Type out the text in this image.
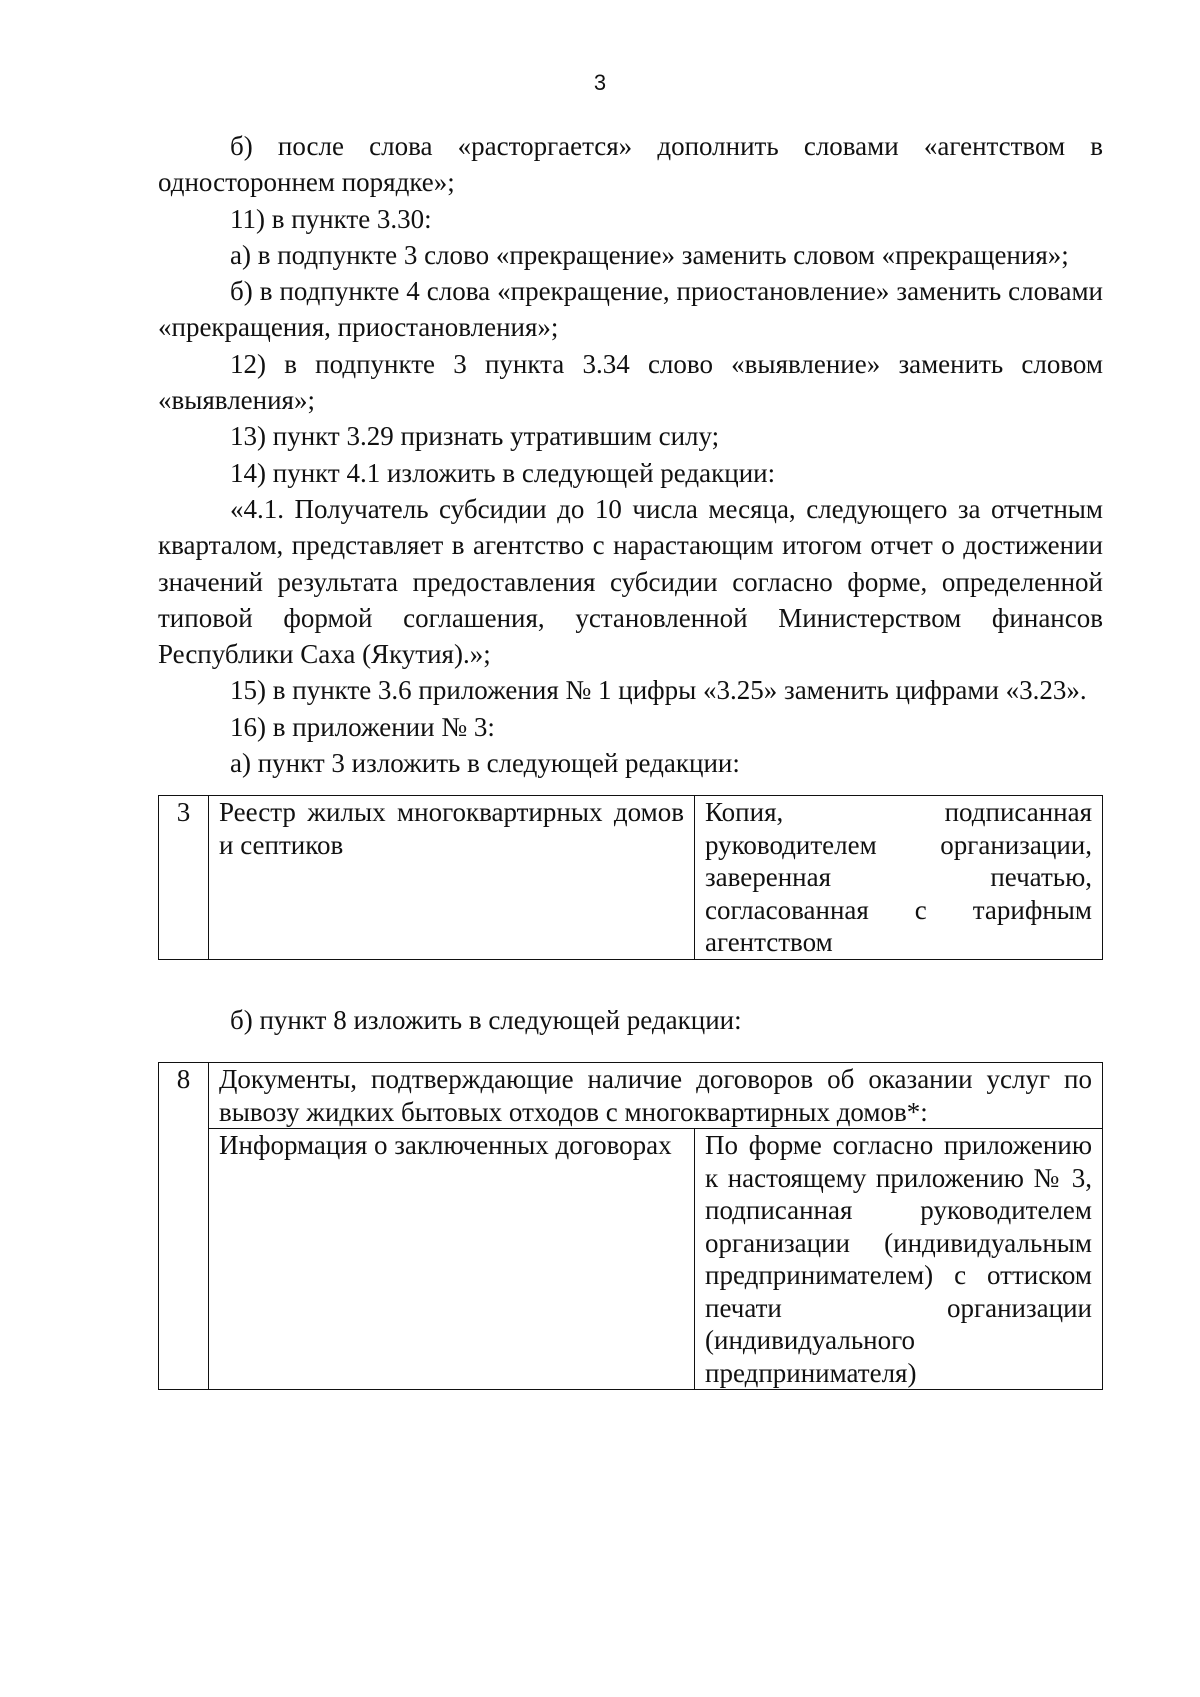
3

б) после слова «расторгается» дополнить словами «агентством в одностороннем порядке»;

11) в пункте 3.30:

а) в подпункте 3 слово «прекращение» заменить словом «прекращения»;

б) в подпункте 4 слова «прекращение, приостановление» заменить словами «прекращения, приостановления»;

12) в подпункте 3 пункта 3.34 слово «выявление» заменить словом «выявления»;

13) пункт 3.29 признать утратившим силу;

14) пункт 4.1 изложить в следующей редакции:

«4.1. Получатель субсидии до 10 числа месяца, следующего за отчетным кварталом, представляет в агентство с нарастающим итогом отчет о достижении значений результата предоставления субсидии согласно форме, определенной типовой формой соглашения, установленной Министерством финансов Республики Саха (Якутия).»;

15) в пункте 3.6 приложения № 1 цифры «3.25» заменить цифрами «3.23».

16) в приложении № 3:

а) пункт 3 изложить в следующей редакции:

3	Реестр жилых многоквартирных домов и септиков	Копия, подписанная руководителем организации, заверенная печатью, согласованная с тарифным агентством

б) пункт 8 изложить в следующей редакции:

8	Документы, подтверждающие наличие договоров об оказании услуг по вывозу жидких бытовых отходов с многоквартирных домов*:	
	Информация о заключенных договорах	По форме согласно приложению к настоящему приложению № 3, подписанная руководителем организации (индивидуальным предпринимателем) с оттиском печати организации (индивидуального предпринимателя)
